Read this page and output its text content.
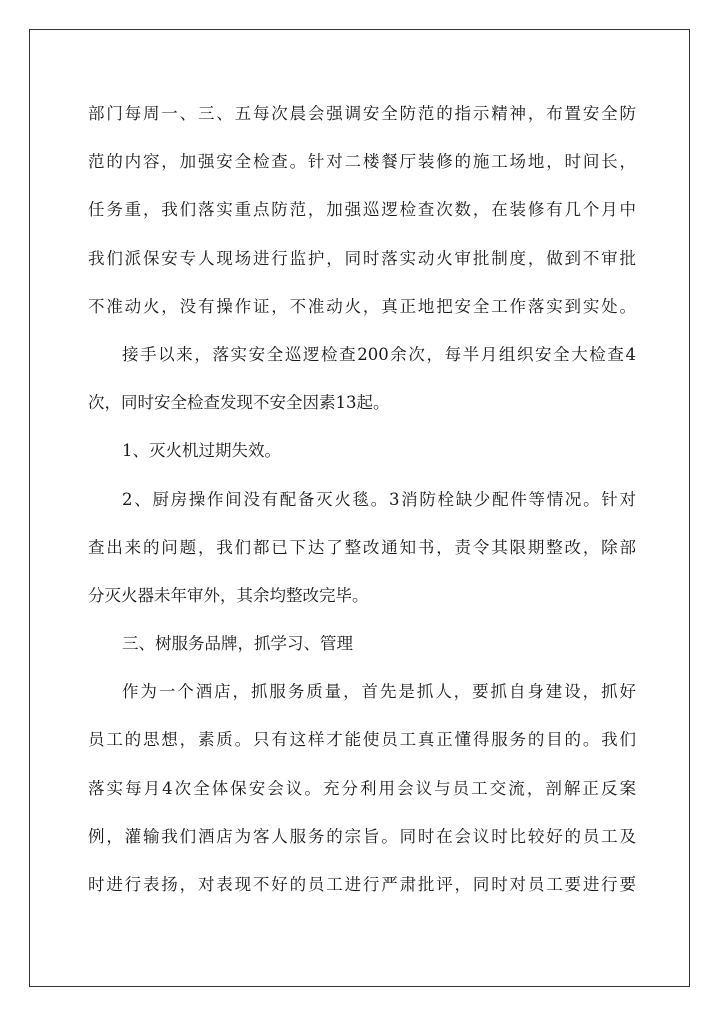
部门每周一、三、五每次晨会强调安全防范的指示精神，布置安全防
范的内容，加强安全检查。针对二楼餐厅装修的施工场地，时间长，
任务重，我们落实重点防范，加强巡逻检查次数，在装修有几个月中
我们派保安专人现场进行监护，同时落实动火审批制度，做到不审批
不准动火，没有操作证，不准动火，真正地把安全工作落实到实处。
接手以来，落实安全巡逻检查200余次，每半月组织安全大检查4
次，同时安全检查发现不安全因素13起。
1、灭火机过期失效。
2、厨房操作间没有配备灭火毯。3消防栓缺少配件等情况。针对
查出来的问题，我们都已下达了整改通知书，责令其限期整改，除部
分灭火器未年审外，其余均整改完毕。
三、树服务品牌，抓学习、管理
作为一个酒店，抓服务质量，首先是抓人，要抓自身建设，抓好
员工的思想，素质。只有这样才能使员工真正懂得服务的目的。我们
落实每月4次全体保安会议。充分利用会议与员工交流，剖解正反案
例，灌输我们酒店为客人服务的宗旨。同时在会议时比较好的员工及
时进行表扬，对表现不好的员工进行严肃批评，同时对员工要进行要
